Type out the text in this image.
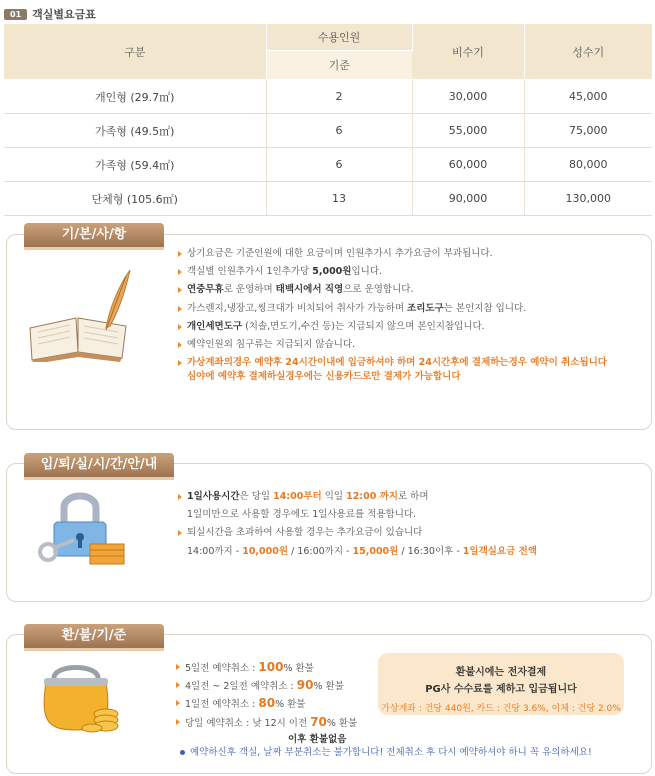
01	객실별요금표
구분	수용인원	비수기	성수기
	기준		
개인형 (29.7㎡)	2	30,000	45,000
가족형 (49.5㎡)	6	55,000	75,000
가족형 (59.4㎡)	6	60,000	80,000
단체형 (105.6㎡)	13	90,000	130,000
기/본/사/항
상기요금은 기준인원에 대한 요금이며 인원추가시 추가요금이 부과됩니다.
객실별 인원추가시 1인추가당 5,000원입니다.
연중무휴로 운영하며 태백시에서 직영으로 운영합니다.
가스렌지,냉장고,씽크대가 비치되어 취사가 가능하며 조리도구는 본인지참 입니다.
개인세면도구 (치솔,면도기,수건 등)는 지급되지 않으며 본인지참입니다.
예약인원외 침구류는 지급되지 않습니다.
가상계좌의경우 예약후 24시간이내에 입금하셔야 하며 24시간후에 결제하는경우 예약이 취소됩니다
심야에 예약후 결제하실경우에는 신용카드로만 결제가 가능합니다
입/퇴/실/시/간/안/내
1일사용시간은 당일 14:00부터 익일 12:00 까지로 하며
1일미만으로 사용할 경우에도 1일사용료를 적용합니다.
퇴실시간을 초과하여 사용할 경우는 추가요금이 있습니다
14:00까지 - 10,000원 / 16:00까지 - 15,000원 / 16:30이후 - 1일객실요금 전액
환/불/기/준
5일전 예약취소 : 100% 환불
4일전 ~ 2일전 예약취소 : 90% 환불
1일전 예약취소 : 80% 환불
당일 예약취소 : 낮 12시 이전 70% 환불
이후 환불없음
환불시에는 전자결제
PG사 수수료를 제하고 입금됩니다
가상계좌 : 건당 440원, 카드 : 건당 3.6%, 이체 : 건당 2.0%
예약하신후 객실, 날짜 부분취소는 불가합니다! 전체취소 후 다시 예약하셔야 하니 꼭 유의하세요!
